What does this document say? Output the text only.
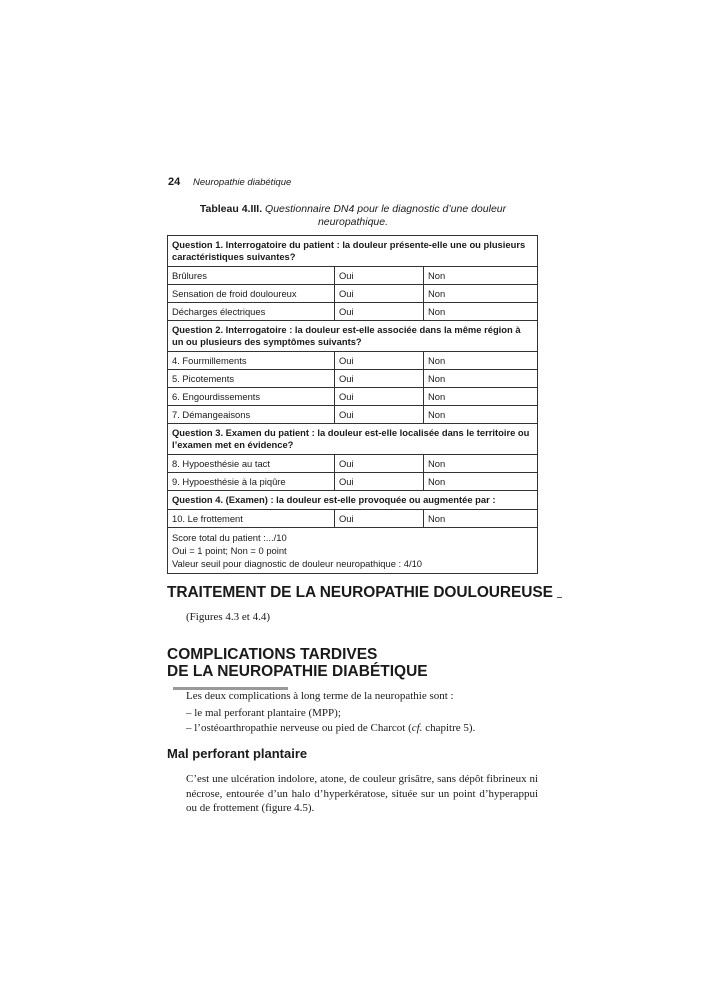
24 Neuropathie diabétique
Tableau 4.III. Questionnaire DN4 pour le diagnostic d’une douleur neuropathique.
Question 1. Interrogatoire du patient : la douleur présente-elle une ou plusieurs caractéristiques suivantes?		
Brûlures	Oui	Non
Sensation de froid douloureux	Oui	Non
Décharges électriques	Oui	Non
Question 2. Interrogatoire : la douleur est-elle associée dans la même région à un ou plusieurs des symptômes suivants?		
4. Fourmillements	Oui	Non
5. Picotements	Oui	Non
6. Engourdissements	Oui	Non
7. Démangeaisons	Oui	Non
Question 3. Examen du patient : la douleur est-elle localisée dans le territoire ou l’examen met en évidence?		
8. Hypoesthésie au tact	Oui	Non
9. Hypoesthésie à la piqûre	Oui	Non
Question 4. (Examen) : la douleur est-elle provoquée ou augmentée par :		
10. Le frottement	Oui	Non

Score total du patient :.../10
Oui = 1 point; Non = 0 point
Valeur seuil pour diagnostic de douleur neuropathique : 4/10		
TRAITEMENT DE LA NEUROPATHIE DOULOUREUSE
(Figures 4.3 et 4.4)
COMPLICATIONS TARDIVES
DE LA NEUROPATHIE DIABÉTIQUE
Les deux complications à long terme de la neuropathie sont :
– le mal perforant plantaire (MPP);
– l’ostéoarthropathie nerveuse ou pied de Charcot (cf. chapitre 5).
Mal perforant plantaire
C’est une ulcération indolore, atone, de couleur grisâtre, sans dépôt fibrineux ni nécrose, entourée d’un halo d’hyperkératose, située sur un point d’hyperappui ou de frottement (figure 4.5).
